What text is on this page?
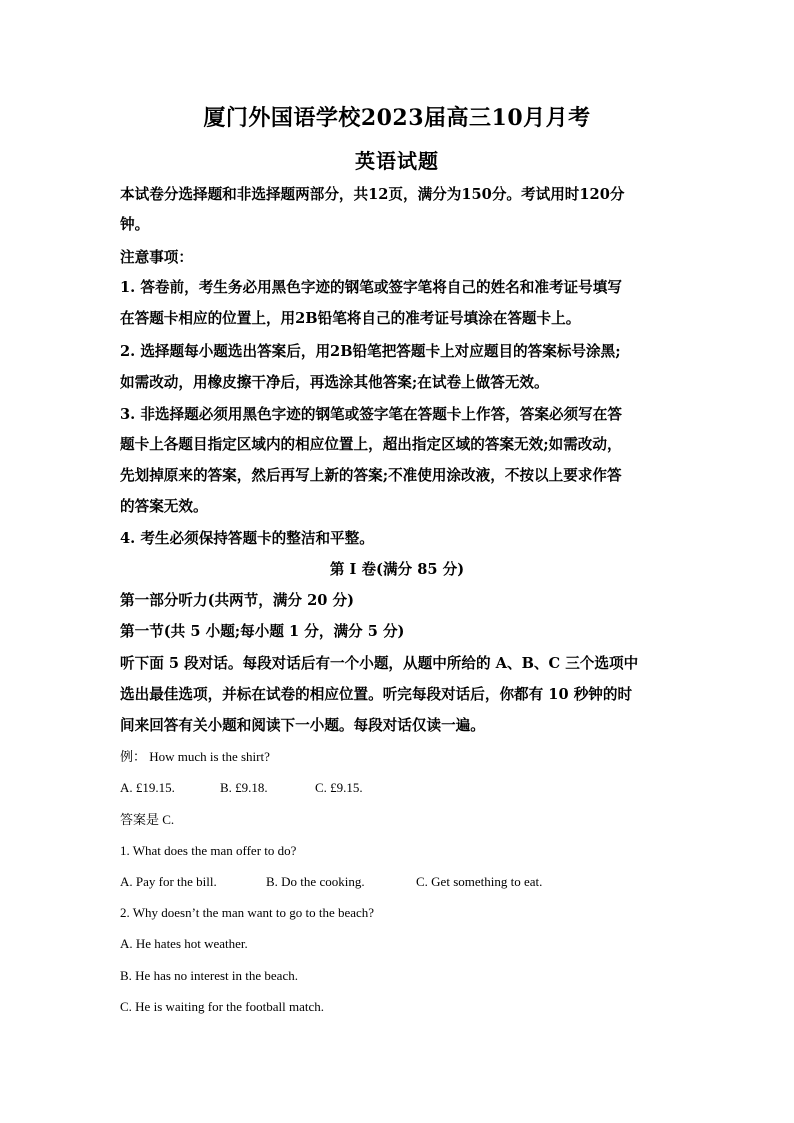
厦门外国语学校2023届高三10月月考
英语试题
本试卷分选择题和非选择题两部分，共12页，满分为150分。考试用时120分
钟。
注意事项：
1. 答卷前，考生务必用黑色字迹的钢笔或签字笔将自己的姓名和准考证号填写
在答题卡相应的位置上，用2B铅笔将自己的准考证号填涂在答题卡上。
2. 选择题每小题选出答案后，用2B铅笔把答题卡上对应题目的答案标号涂黑;
如需改动，用橡皮擦干净后，再选涂其他答案;在试卷上做答无效。
3. 非选择题必须用黑色字迹的钢笔或签字笔在答题卡上作答，答案必须写在答
题卡上各题目指定区域内的相应位置上，超出指定区域的答案无效;如需改动，
先划掉原来的答案，然后再写上新的答案;不准使用涂改液，不按以上要求作答
的答案无效。
4. 考生必须保持答题卡的整洁和平整。
第 I 卷(满分 85 分)
第一部分听力(共两节，满分 20 分)
第一节(共 5 小题;每小题 1 分，满分 5 分)
听下面 5 段对话。每段对话后有一个小题，从题中所给的 A、B、C 三个选项中
选出最佳选项，并标在试卷的相应位置。听完每段对话后，你都有 10 秒钟的时
间来回答有关小题和阅读下一小题。每段对话仅读一遍。
例： How much is the shirt?
A. £19.15.	B. £9.18.	C. £9.15.
答案是 C.
1. What does the man offer to do?
A. Pay for the bill.	B. Do the cooking.	C. Get something to eat.
2. Why doesn’t the man want to go to the beach?
A. He hates hot weather.
B. He has no interest in the beach.
C. He is waiting for the football match.
